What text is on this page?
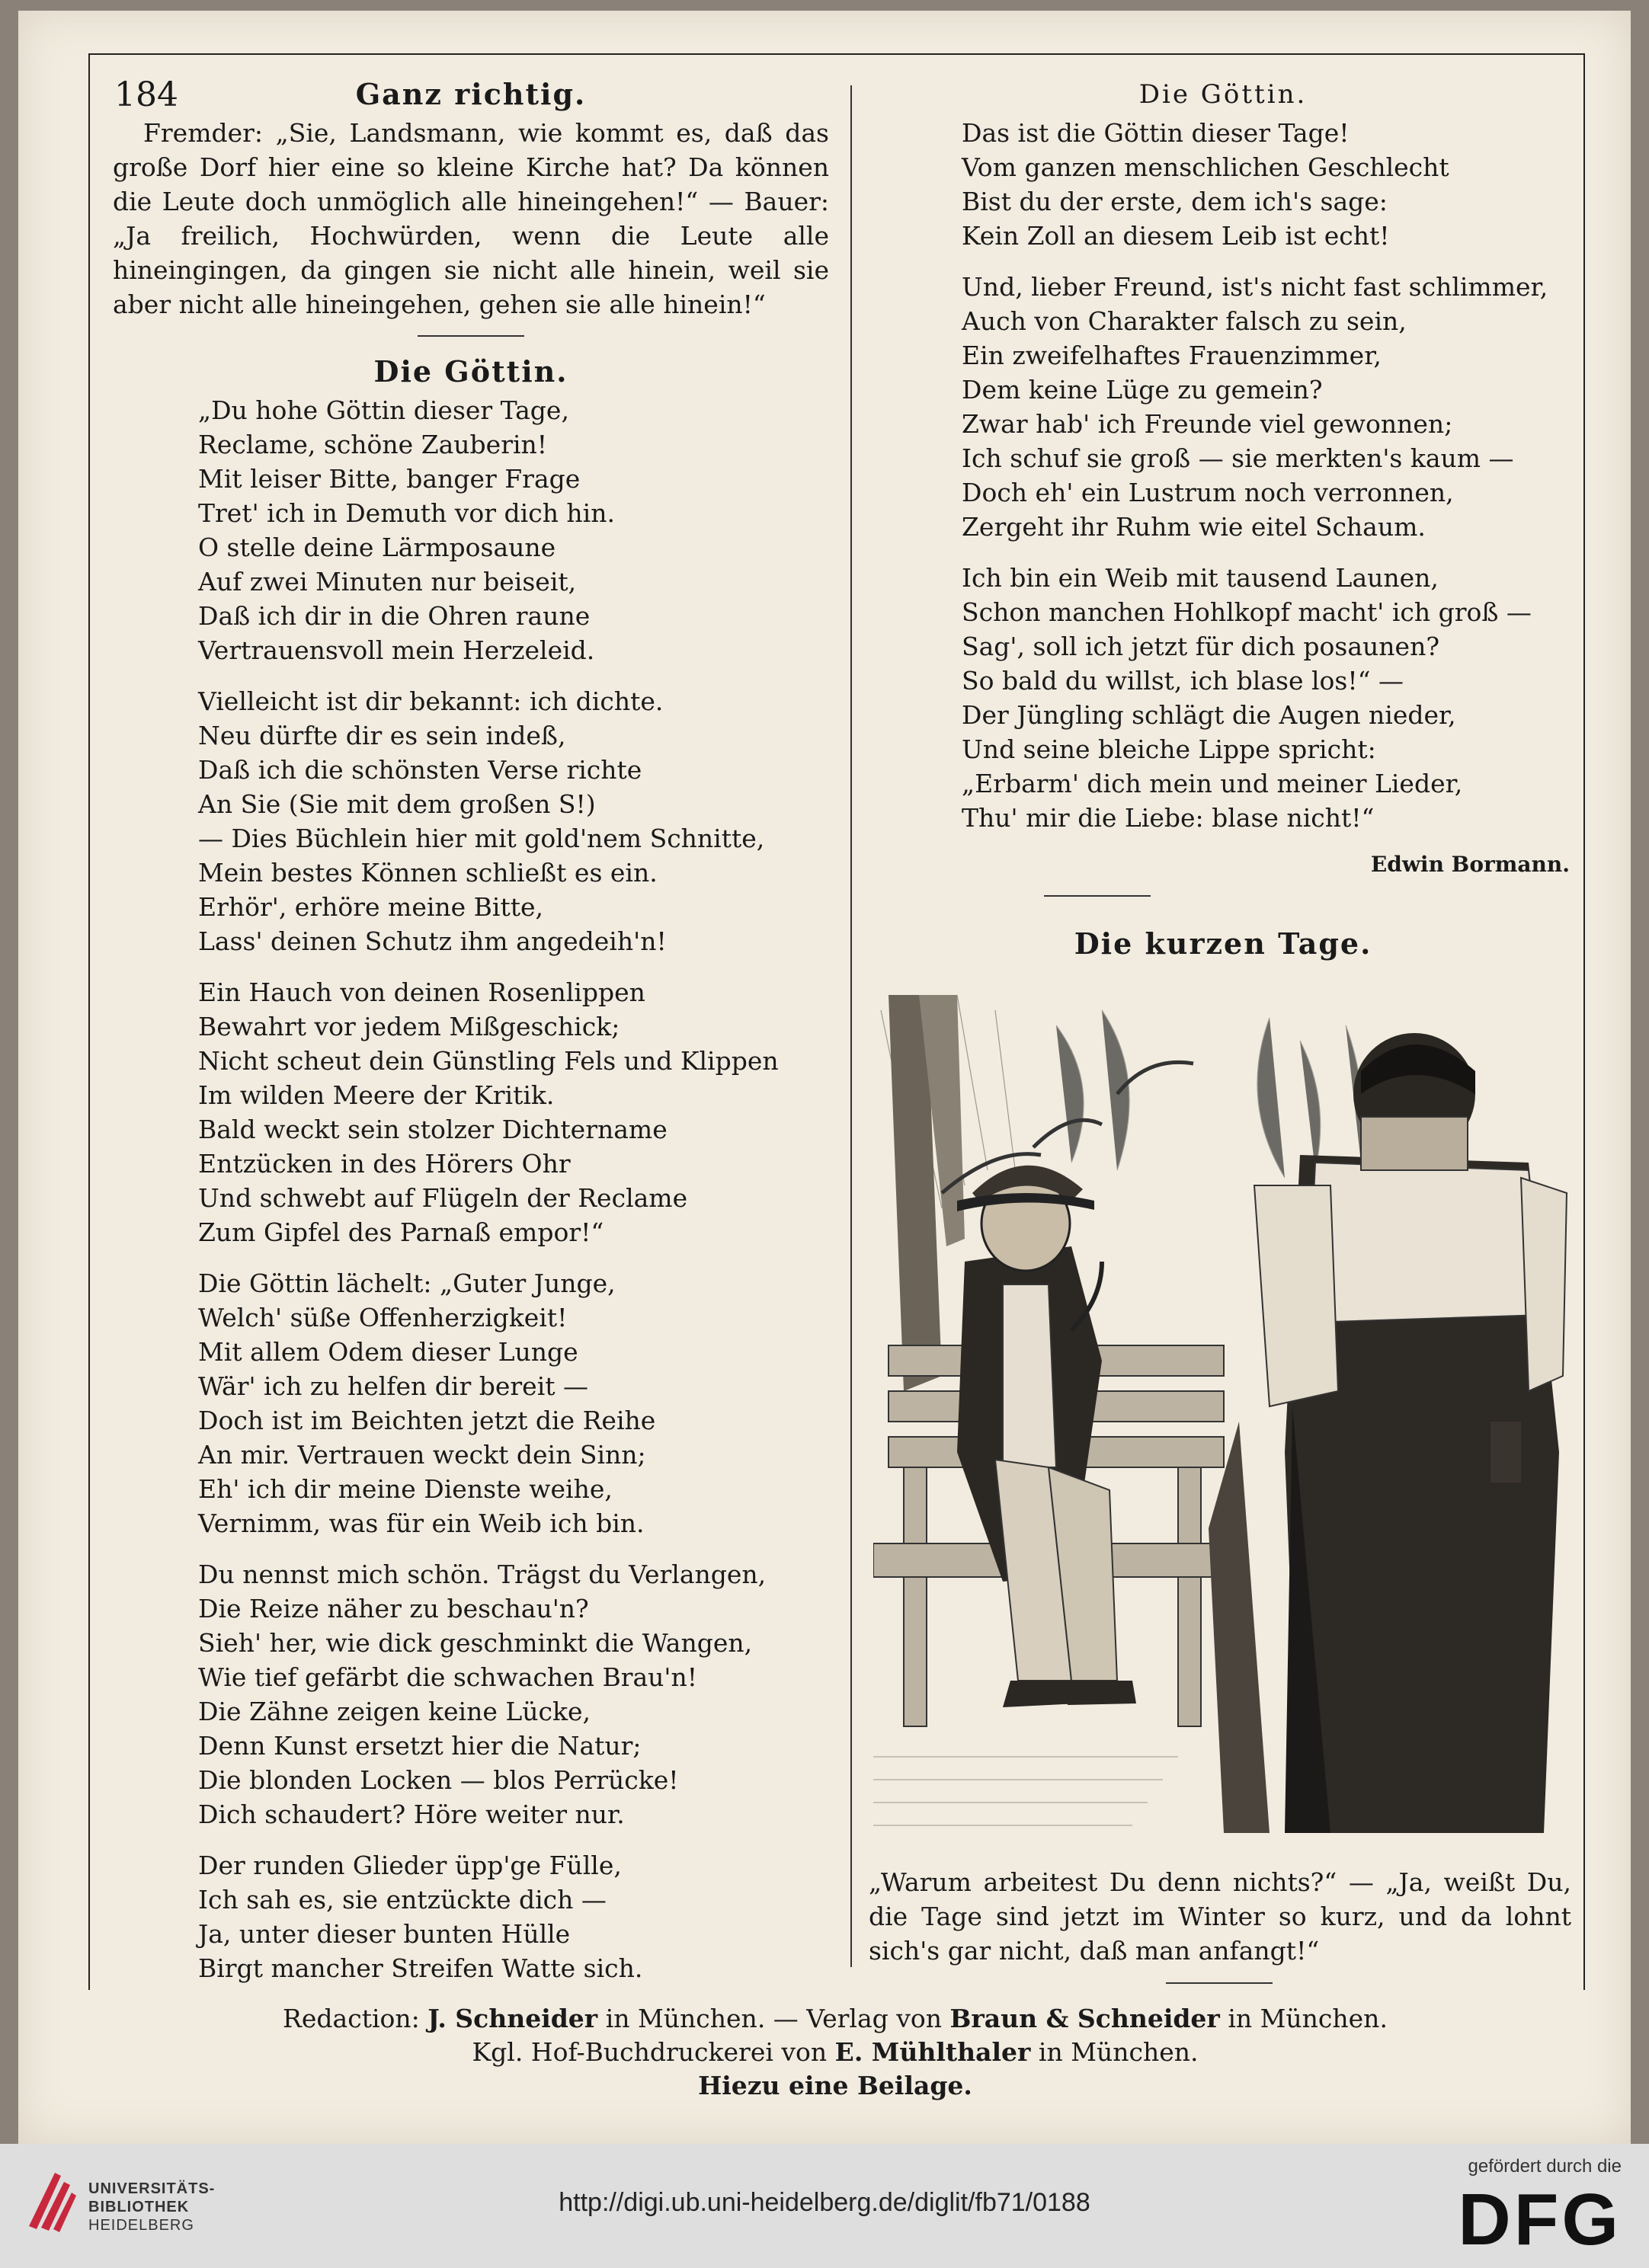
184	Ganz richtig.

Fremder: „Sie, Landsmann, wie kommt es, daß das große Dorf hier eine so kleine Kirche hat? Da können die Leute doch unmöglich alle hineingehen!“ — Bauer: „Ja freilich, Hochwürden, wenn die Leute alle hineingingen, da gingen sie nicht alle hinein, weil sie aber nicht alle hineingehen, gehen sie alle hinein!“

Die Göttin.
„Du hohe Göttin dieser Tage,
Reclame, schöne Zauberin!
Mit leiser Bitte, banger Frage
Tret' ich in Demuth vor dich hin.
O stelle deine Lärmposaune
Auf zwei Minuten nur beiseit,
Daß ich dir in die Ohren raune
Vertrauensvoll mein Herzeleid.
Vielleicht ist dir bekannt: ich dichte.
Neu dürfte dir es sein indeß,
Daß ich die schönsten Verse richte
An Sie (Sie mit dem großen S!)
— Dies Büchlein hier mit gold'nem Schnitte,
Mein bestes Können schließt es ein.
Erhör', erhöre meine Bitte,
Lass' deinen Schutz ihm angedeih'n!
Ein Hauch von deinen Rosenlippen
Bewahrt vor jedem Mißgeschick;
Nicht scheut dein Günstling Fels und Klippen
Im wilden Meere der Kritik.
Bald weckt sein stolzer Dichtername
Entzücken in des Hörers Ohr
Und schwebt auf Flügeln der Reclame
Zum Gipfel des Parnaß empor!“
Die Göttin lächelt: „Guter Junge,
Welch' süße Offenherzigkeit!
Mit allem Odem dieser Lunge
Wär' ich zu helfen dir bereit —
Doch ist im Beichten jetzt die Reihe
An mir. Vertrauen weckt dein Sinn;
Eh' ich dir meine Dienste weihe,
Vernimm, was für ein Weib ich bin.
Du nennst mich schön. Trägst du Verlangen,
Die Reize näher zu beschau'n?
Sieh' her, wie dick geschminkt die Wangen,
Wie tief gefärbt die schwachen Brau'n!
Die Zähne zeigen keine Lücke,
Denn Kunst ersetzt hier die Natur;
Die blonden Locken — blos Perrücke!
Dich schaudert? Höre weiter nur.
Der runden Glieder üpp'ge Fülle,
Ich sah es, sie entzückte dich —
Ja, unter dieser bunten Hülle
Birgt mancher Streifen Watte sich.
Die Göttin.
Das ist die Göttin dieser Tage!
Vom ganzen menschlichen Geschlecht
Bist du der erste, dem ich's sage:
Kein Zoll an diesem Leib ist echt!
Und, lieber Freund, ist's nicht fast schlimmer,
Auch von Charakter falsch zu sein,
Ein zweifelhaftes Frauenzimmer,
Dem keine Lüge zu gemein?
Zwar hab' ich Freunde viel gewonnen;
Ich schuf sie groß — sie merkten's kaum —
Doch eh' ein Lustrum noch verronnen,
Zergeht ihr Ruhm wie eitel Schaum.
Ich bin ein Weib mit tausend Launen,
Schon manchen Hohlkopf macht' ich groß —
Sag', soll ich jetzt für dich posaunen?
So bald du willst, ich blase los!“ —
Der Jüngling schlägt die Augen nieder,
Und seine bleiche Lippe spricht:
„Erbarm' dich mein und meiner Lieder,
Thu' mir die Liebe: blase nicht!“
Edwin Bormann.
Die kurzen Tage.
„Warum arbeitest Du denn nichts?“ — „Ja, weißt Du, die Tage sind jetzt im Winter so kurz, und da lohnt sich's gar nicht, daß man anfangt!“
Redaction: J. Schneider in München. — Verlag von Braun & Schneider in München.
Kgl. Hof-Buchdruckerei von E. Mühlthaler in München.
Hiezu eine Beilage.
UNIVERSITÄTS-
BIBLIOTHEK
HEIDELBERG
http://digi.ub.uni-heidelberg.de/diglit/fb71/0188
gefördert durch die
DFG
